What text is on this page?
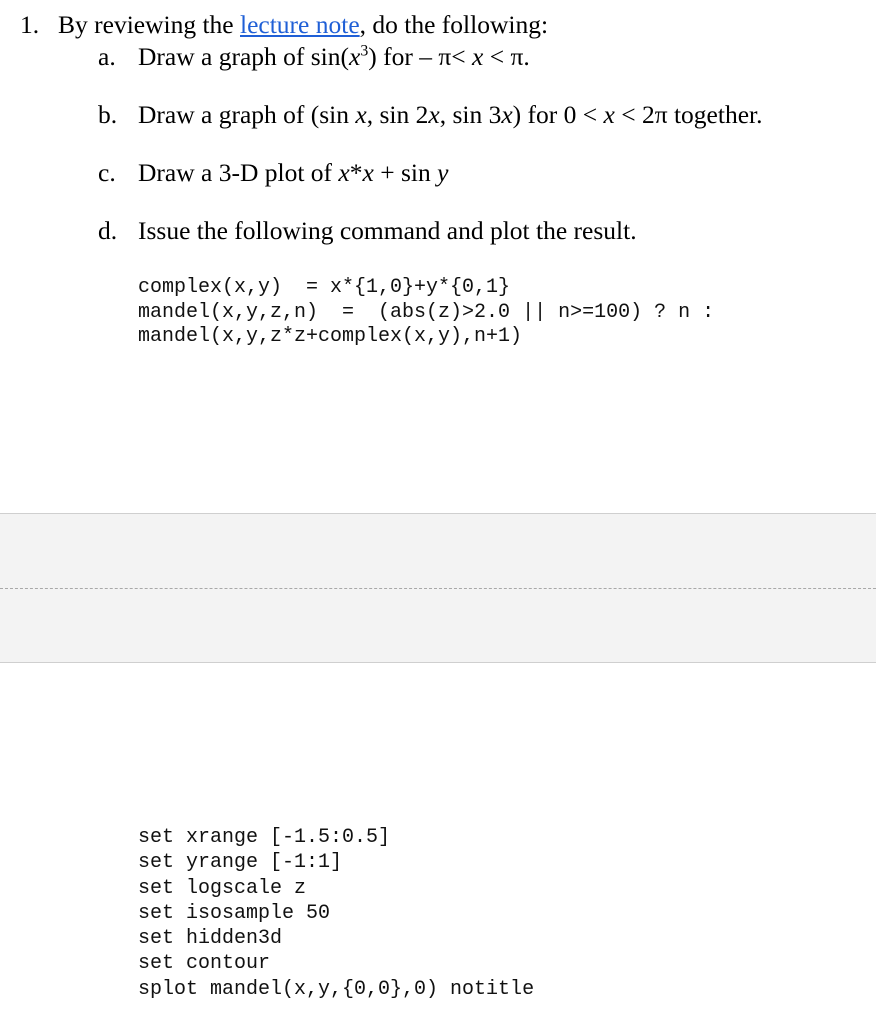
1. By reviewing the lecture note, do the following:
a. Draw a graph of $\sin(x^3)$ for – π< x < π.
b. Draw a graph of (sin x, sin 2x, sin 3x) for 0 < x < 2π together.
c. Draw a 3-D plot of x*x + sin y
d. Issue the following command and plot the result.
complex(x,y)  = x*{1,0}+y*{0,1}
mandel(x,y,z,n)  =  (abs(z)>2.0 || n>=100) ? n :
mandel(x,y,z*z+complex(x,y),n+1)
set xrange [-1.5:0.5]
set yrange [-1:1]
set logscale z
set isosample 50
set hidden3d
set contour
splot mandel(x,y,{0,0},0) notitle
